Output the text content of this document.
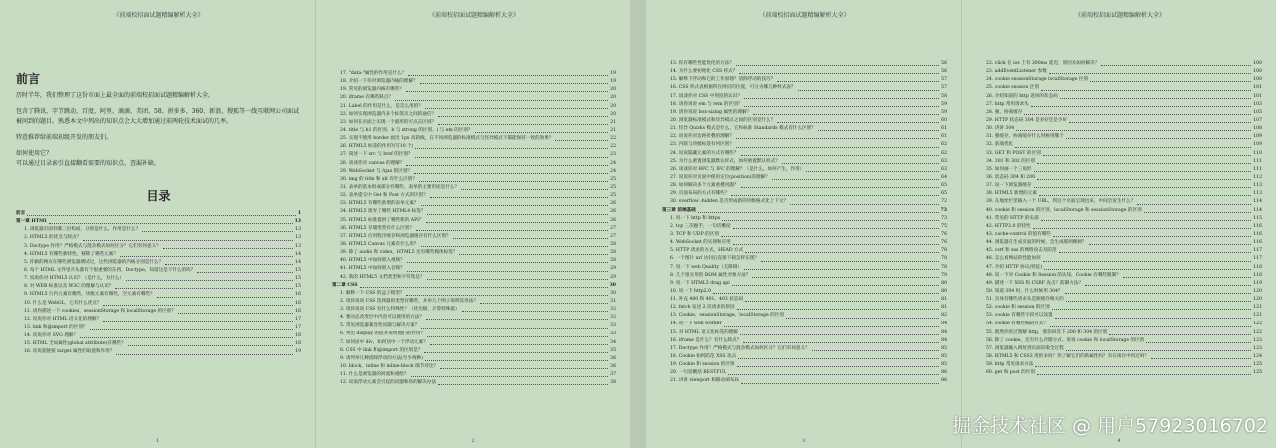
《前端校招面试题精编解析大全》
前言

历时半年，我们整理了这份市面上最全面的前端校招面试题精编解析大全。

包含了腾讯、字节跳动、百度、阿里、滴滴、美团、58、拼多多、360、新浪、搜狐等一线互联网公司面试被问到的题目。熟悉本文中列出的知识点会大大增加通过前两轮技术面试的几率。

特意推荐给前端初级开发的朋友们。

如何使用它？
可以通过目录索引直接翻看需要的知识点，查漏补缺。

目录
前言	1
第一章 HTML	13
1. 浏览器页面有哪三层构成，分别是什么，作用是什么？	13
2. HTML5 的优点与缺点？	13
3. Doctype 作用？严格模式与混杂模式如何区分？它们有何意义？	13
4. HTML5 有哪些新特性、移除了哪些元素？	14
5. 你做的网页在哪些浏览器测试过，这些浏览器的内核分别是什么？	14
6. 每个 HTML 文件里开头都有个很重要的东西，Doctype，知道这是干什么的吗？	15
7. 说说你对 HTML5 认识？（是什么，为什么）	15
8. 对 WEB 标准以及 W3C 的理解与认识？	15
9. HTML5 行内元素有哪些，块级元素有哪些，空元素有哪些？	16
10. 什么是 WebGL，它有什么优点？	16
11. 请你描述一下 cookies，sessionStorage 和 localStorage 的区别？	16
12. 说说你对 HTML 语义化的理解？	17
13. link 和@import 的区别？	17
14. 说说你对 SVG 理解？	18
15. HTML 全局属性(global attribute)有哪些？	18
16. 说说超链接 target 属性的取值和作用？	19
1
《前端校招面试题精编解析大全》
17. "data-"属性的作用是什么？	19
18. 介绍一下你对浏览器内核的理解？	19
19. 常见的浏览器内核有哪些？	20
20. iframe 有哪些缺点？	20
21. Label 的作用是什么，是怎么用的？	20
22. 如何实现浏览器内多个标签页之间的通信？	20
23. 如何在页面上实现一个圆形的可点击区域？	21
24. title 与 h1 的区别、b 与 strong 的区别、i 与 em 的区别？	21
25. 实现不使用 border 画出 1px 高的线，在不同浏览器的标准模式与怪异模式下都能保持一致的效果？	22
26. HTML5 标签的作用?(写10 个)	22
27. 简述一下 src 与 href 的区别？	23
28. 谈谈你对 canvas 的理解？	24
29. WebSocket 与 Ajax 的区别？	24
30. img 的 title 和 alt 有什么区别？	25
31. 表单的基本组成部分有哪些，表单的主要用途是什么？	25
32. 表单提交中 Get 和 Post 方式的区别？	25
33. HTML5 有哪些新增的表单元素？	26
34. HTML5 废弃了哪些 HTML4 标签？	26
35. HTML5 标准提供了哪些新的 API？	26
36. HTML5 存储类型有什么区别？	27
37. HTML5 应用程序缓存和浏览器缓存有什么区别？	27
38. HTML5 Canvas 元素有什么用？	28
39. 除了 audio 和 video，HTML5 还有哪些媒体标签？	28
40. HTML5 中如何嵌入视频？	28
41. HTML5 中如何嵌入音频？	29
42. 新的 HTML5 文档类型和字符集是？	29
第二章 CSS	30
1. 解释一下 CSS 的盒子模型？	30
2. 请你说说 CSS 选择器的类型有哪些，并举几个例子说明其用法？	31
3. 请你说说 CSS 有什么特殊性？（优先级、计算特殊值）	32
4. 要动态改变层中内容可以使用的方法？	32
5. 常见浏览器兼容性问题与解决方案？	33
6. 列出 display 的值并说明他们的作用？	33
7. 如何居中 div，如何居中一个浮动元素？	34
8. CSS 中 link 和@import 的区别是？	35
9. 请列举几种清除浮动的方法(至少两种)	36
10. block，inline 和 inline-block 细节对比？	36
11. 什么是浏览器的回流和重绘？	37
12. 说说浮动元素会引起的问题和你的解决办法	38
2
《前端校招面试题精编解析大全》
13. 你有哪些性能优化的方法？	56
14. 为什么要初始化 CSS 样式？	56
15. 解释下浮动和它的工作原理？清除浮动的技巧？	57
16. CSS 样式表根据所在网页的位置，可分为哪几种样式表？	57
17. 谈谈你对 CSS 中刻度的认识？	58
18. 请你说说 em 与 rem 的区别？	59
19. 请你说说 box-sizing 属性的理解？	59
20. 浏览器标准模式和怪异模式之间的区别是什么？	60
21. 怪异 Quirks 模式是什么，它和标准 Standards 模式有什么区别？	61
22. 说说你对边距折叠的理解？	61
23. 内联与块级标签有何区别？	62
24. 说说隐藏元素的方式有哪些？	62
25. 为什么重置浏览器默认样式，如何重置默认样式？	63
26. 谈谈你对 BFC 与 IFC 的理解？（是什么，如何产生，作用）	63
27. 说说你对页面中使用定位(position)的理解？	64
28. 如何解决多个元素重叠问题？	65
29. 页面布局的方式有哪些？	65
30. overflow :hidden 是否形成新的块级格式化上下文？	72
第三章 前端基础	73
1. 说一下 http 和 https	73
2. tcp 三次握手，一句话概括	75
3. TCP 和 UDP 的区别	76
4. WebSocket 的实现和应用	76
5. HTTP 请求的方式，HEAD 方式	78
6. 一个图片 url 访问后直接下载怎样实现？	78
7. 说一下 web Quality（无障碍）	78
8. 几个很实用的 BOM 属性对象方法？	79
9. 说一下 HTML5 drag api	80
10. 说一下 http2.0	80
11. 补充 400 和 401、403 状态码	81
12. fetch 发送 2 次请求的原因	81
13. Cookie、sessionStorage、localStorage 的区别	82
14. 说一下 web worker	84
15. 对 HTML 语义化标签的理解	84
16. iframe 是什么？有什么缺点？	84
17. Doctype 作用？严格模式与混杂模式如何区分？它们有何意义？	85
18. Cookie 如何防范 XSS 攻击	85
19. Cookie 和 session 的区别	85
20. 一句话概括 RESTFUL	86
21. 讲讲 viewport 和移动端布局	86
3
《前端校招面试题精编解析大全》
22. click 在 ios 上有 300ms 延迟，原因及如何解决？	100
23. addEventListener 参数	100
24. cookie sessionStorage localStorage 区别	100
25. cookie session 区别	101
26. 介绍知道的 http 返回的状态码	101
27. http 常用请求头	103
28. 强，协商缓存	105
29. HTTP 状态码 304 是多好还是少好	107
30. 讲讲 304	108
31. 强缓存、协商缓存什么时候用哪个	109
32. 前端优化	109
33. GET 和 POST 的区别	110
34. 301 和 302 的区别	111
35. 如何画一个三角形	111
36. 状态码 304 和 200	112
37. 说一下浏览器缓存	113
38. HTML5 新增的元素	113
39. 在地址栏里输入一个 URL，到这个页面呈现出来，中间会发生什么？	114
40. cookie 和 session 的区别，localStorage 和 sessionStorage 的区别	114
41. 常见的 HTTP 的头部	115
42. HTTP2.0 的特性	116
43. cache-control 的值有哪些	116
44. 浏览器在生成页面的时候，会生成那两棵树？	116
45. csrf 和 xss 的网络攻击及防范	117
46. 怎么看网站的性能如何	117
47. 介绍 HTTP 协议(特征)	118
48. 说一下对 Cookie 和 Session 的认知，Cookie 有哪些限制？	118
49. 描述一下 XSS 和 CSRF 攻击？防御方法？	119
50. 知道 304 吗，什么时候用 304？	120
51. 具体有哪些请求头是跟缓存相关的	120
52. cookie 和 session 的区别	121
53. cookie 有哪些字段可以设置	121
54. cookie 有哪些编码方式？	122
55. 既然你看过图解 http，那你回答下 200 和 304 的区别	122
56. 除了 cookie，还有什么存储方式。说说 cookie 和 localStorage 的区别	123
57. 浏览器输入网址到页面渲染全过程	123
58. HTML5 和 CSS3 用的多吗？你了解它们的新属性吗？有在项目中用过吗？	124
59. http 常见请求方法	125
60. get 和 post 的区别	125
4
掘金技术社区 @ 用户5792301670​2
